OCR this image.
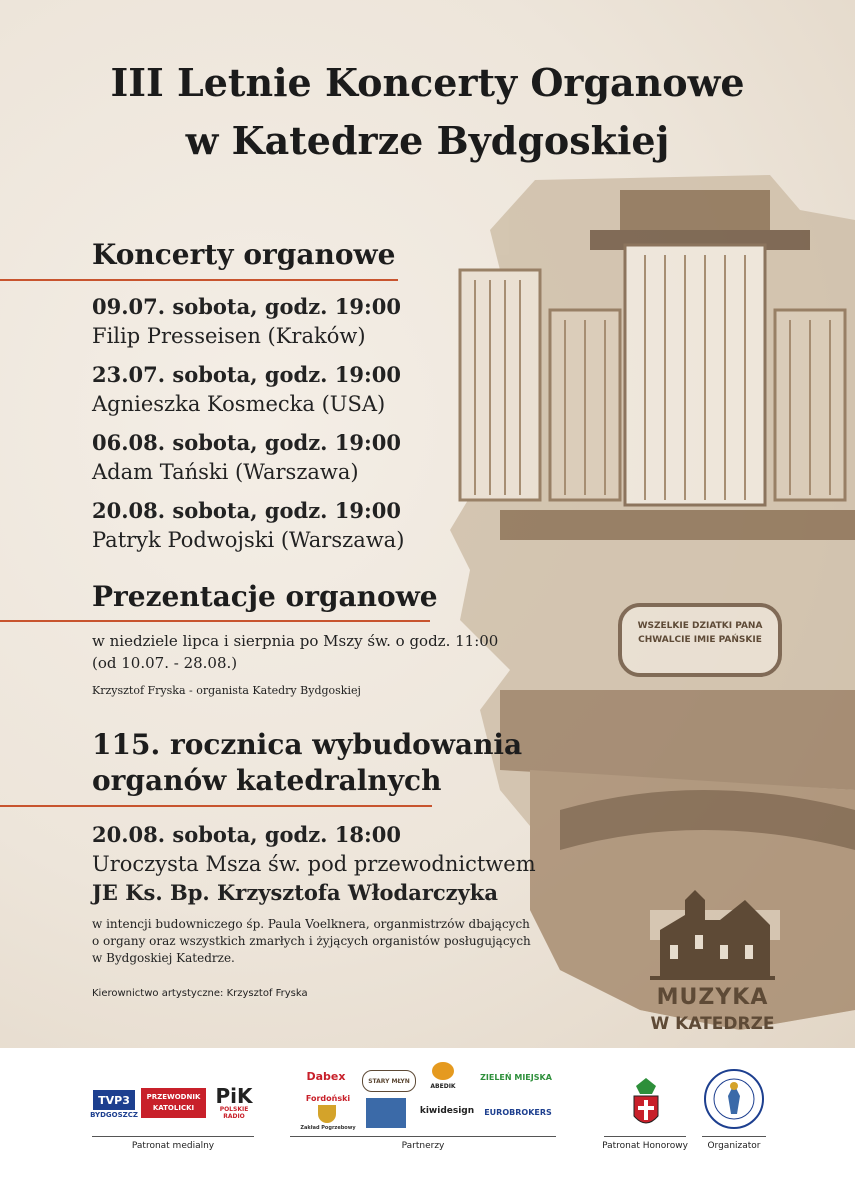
WSZELKIE DZIATKI PANA
CHWALCIE IMIE PAŃSKIE
III Letnie Koncerty Organowe
w Katedrze Bydgoskiej
Koncerty organowe
09.07. sobota, godz. 19:00
Filip Presseisen (Kraków)
23.07. sobota, godz. 19:00
Agnieszka Kosmecka (USA)
06.08. sobota, godz. 19:00
Adam Tański (Warszawa)
20.08. sobota, godz. 19:00
Patryk Podwojski (Warszawa)
Prezentacje organowe
w niedziele lipca i sierpnia po Mszy św. o godz. 11:00
(od 10.07. - 28.08.)
Krzysztof Fryska - organista Katedry Bydgoskiej
115. rocznica wybudowania
organów katedralnych
20.08. sobota, godz. 18:00
Uroczysta Msza św. pod przewodnictwem
JE Ks. Bp. Krzysztofa Włodarczyka
w intencji budowniczego śp. Paula Voelknera, organmistrzów dbających
o organy oraz wszystkich zmarłych i żyjących organistów posługujących
w Bydgoskiej Katedrze.
Kierownictwo artystyczne: Krzysztof Fryska	MUZYKA
W KATEDRZE
TVP3
BYDGOSZCZ
PRZEWODNIK
KATOLICKI	PiK
POLSKIE RADIO
Patronat medialny
Dabex	STARY MŁYN
ABEDIK
ZIELEŃ MIEJSKA
Fordoński
Zakład Pogrzebowy
kiwidesign EUROBROKERS
Partnerzy	Patronat Honorowy	Organizator
